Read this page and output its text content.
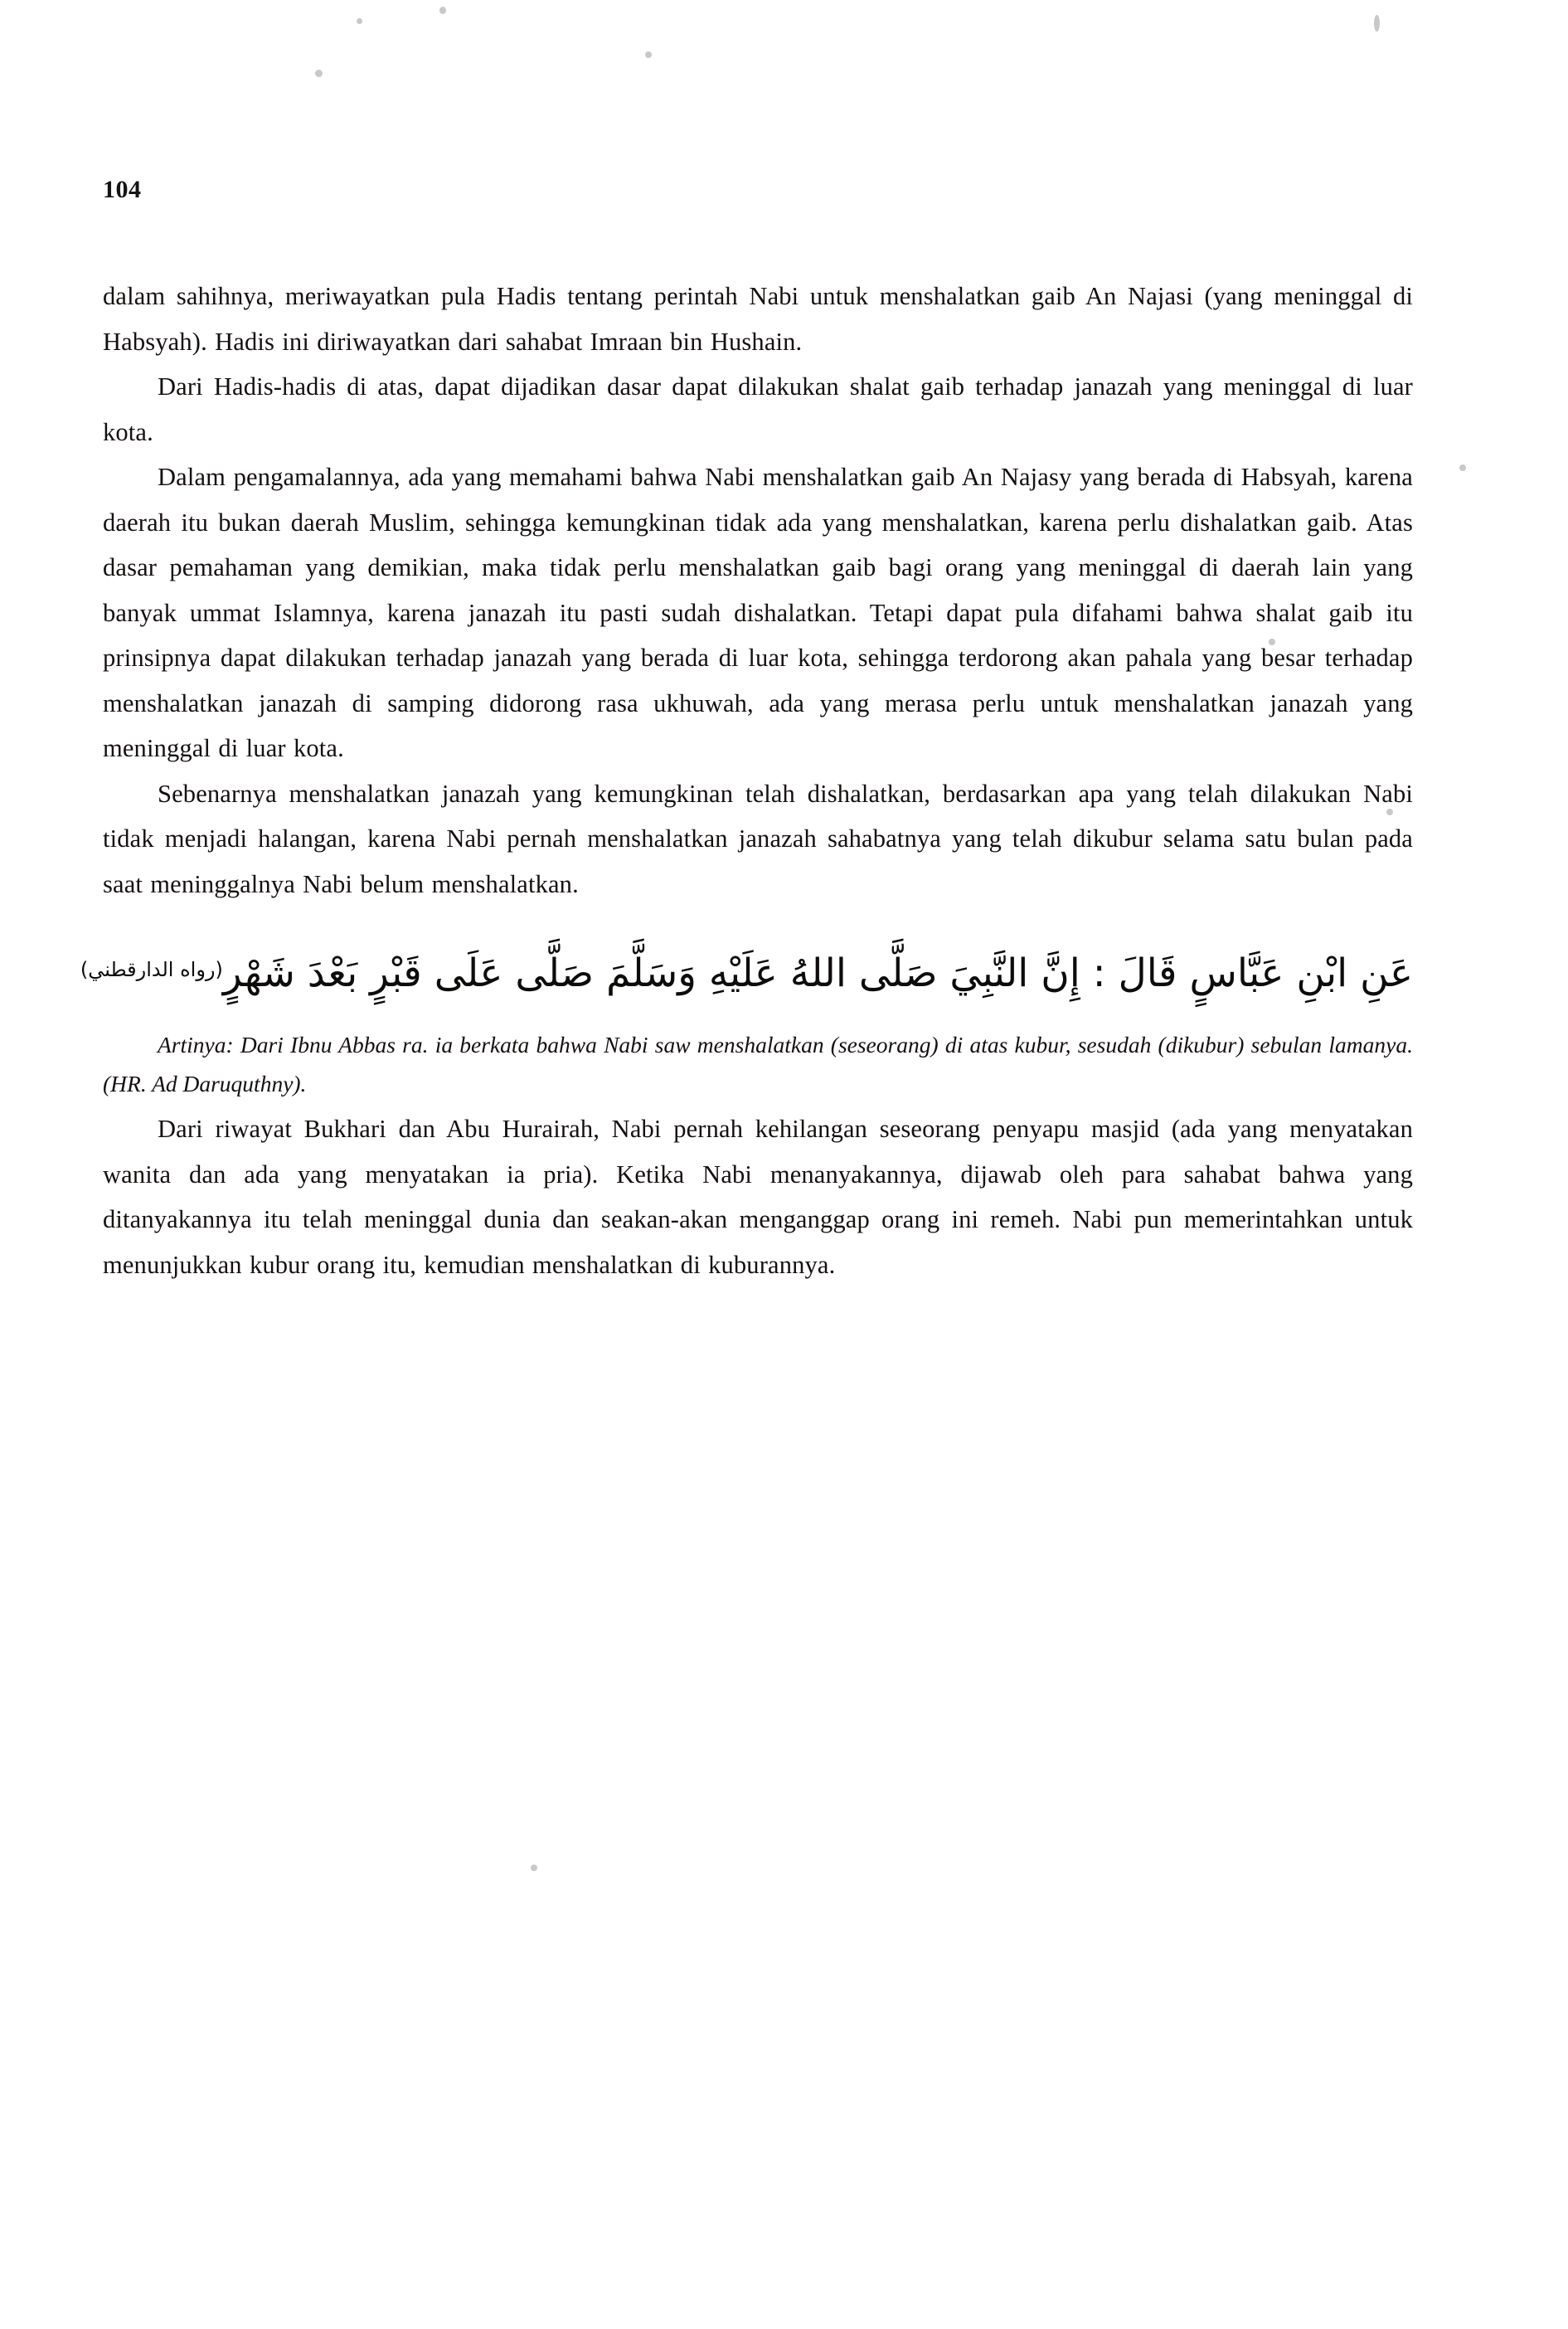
104

dalam sahihnya, meriwayatkan pula Hadis tentang perintah Nabi untuk menshalatkan gaib An Najasi (yang meninggal di Habsyah). Hadis ini diriwayatkan dari sahabat Imraan bin Hushain.

Dari Hadis-hadis di atas, dapat dijadikan dasar dapat dilakukan shalat gaib terhadap janazah yang meninggal di luar kota.

Dalam pengamalannya, ada yang memahami bahwa Nabi menshalatkan gaib An Najasy yang berada di Habsyah, karena daerah itu bukan daerah Muslim, sehingga kemungkinan tidak ada yang menshalatkan, karena perlu dishalatkan gaib. Atas dasar pemahaman yang demikian, maka tidak perlu menshalatkan gaib bagi orang yang meninggal di daerah lain yang banyak ummat Islamnya, karena janazah itu pasti sudah dishalatkan. Tetapi dapat pula difahami bahwa shalat gaib itu prinsipnya dapat dilakukan terhadap janazah yang berada di luar kota, sehingga terdorong akan pahala yang besar terhadap menshalatkan janazah di samping didorong rasa ukhuwah, ada yang merasa perlu untuk menshalatkan janazah yang meninggal di luar kota.

Sebenarnya menshalatkan janazah yang kemungkinan telah dishalatkan, berdasarkan apa yang telah dilakukan Nabi tidak menjadi halangan, karena Nabi pernah menshalatkan janazah sahabatnya yang telah dikubur selama satu bulan pada saat meninggalnya Nabi belum menshalatkan.

عَنِ ابْنِ عَبَّاسٍ قَالَ : إِنَّ النَّبِيَ صَلَّى اللهُ عَلَيْهِ وَسَلَّمَ صَلَّى عَلَى قَبْرٍ بَعْدَ شَهْرٍ$^{(رواه الدارقطني)}$

Artinya: Dari Ibnu Abbas ra. ia berkata bahwa Nabi saw menshalatkan (seseorang) di atas kubur, sesudah (dikubur) sebulan lamanya. (HR. Ad Daruquthny).

Dari riwayat Bukhari dan Abu Hurairah, Nabi pernah kehilangan seseorang penyapu masjid (ada yang menyatakan wanita dan ada yang menyatakan ia pria). Ketika Nabi menanyakannya, dijawab oleh para sahabat bahwa yang ditanyakannya itu telah meninggal dunia dan seakan-akan menganggap orang ini remeh. Nabi pun memerintahkan untuk menunjukkan kubur orang itu, kemudian menshalatkan di kuburannya.
